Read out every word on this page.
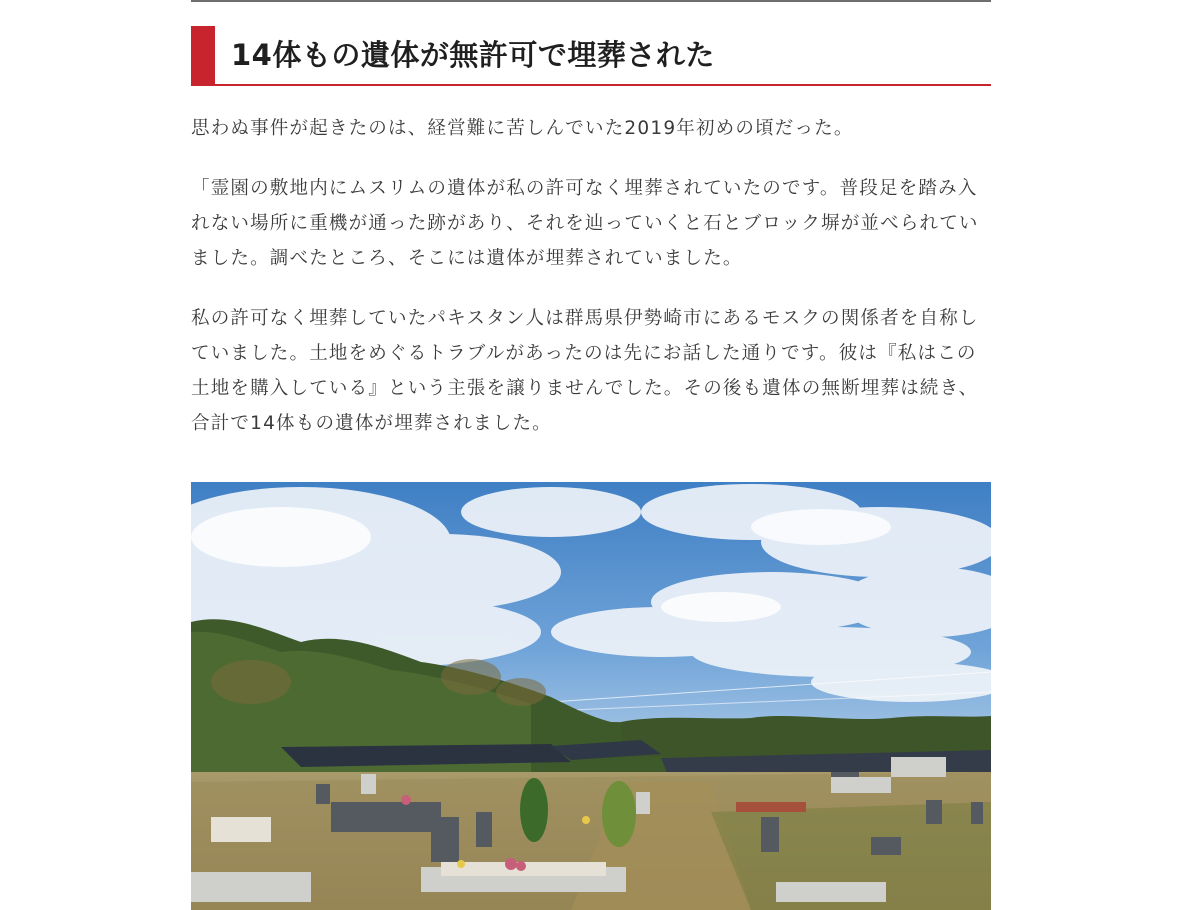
14体もの遺体が無許可で埋葬された

思わぬ事件が起きたのは、経営難に苦しんでいた2019年初めの頃だった。

「霊園の敷地内にムスリムの遺体が私の許可なく埋葬されていたのです。普段足を踏み入れない場所に重機が通った跡があり、それを辿っていくと石とブロック塀が並べられていました。調べたところ、そこには遺体が埋葬されていました。

私の許可なく埋葬していたパキスタン人は群馬県伊勢崎市にあるモスクの関係者を自称していました。土地をめぐるトラブルがあったのは先にお話した通りです。彼は『私はこの土地を購入している』という主張を譲りませんでした。その後も遺体の無断埋葬は続き、合計で14体もの遺体が埋葬されました。
